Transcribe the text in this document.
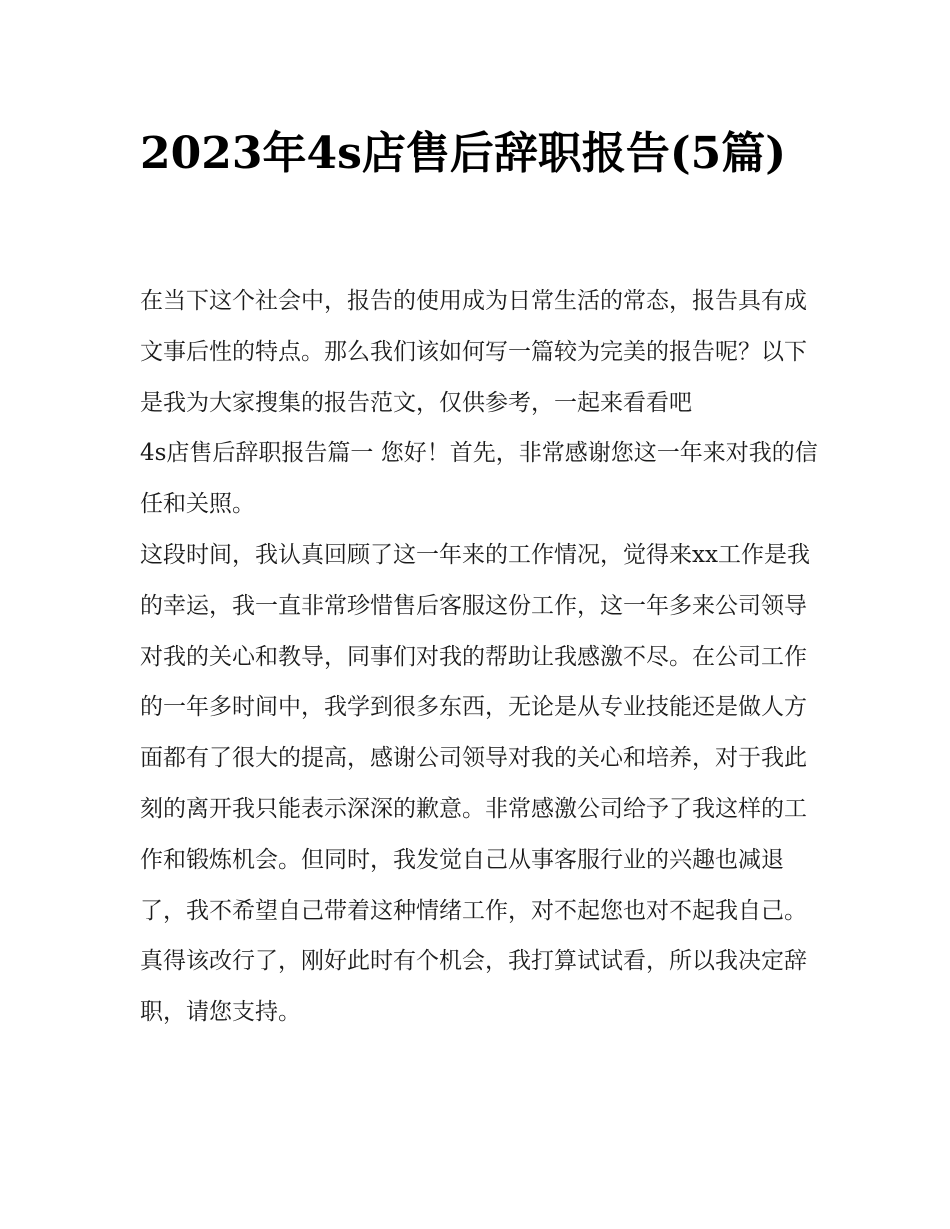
2023年4s店售后辞职报告(5篇)

在当下这个社会中，报告的使用成为日常生活的常态，报告具有成文事后性的特点。那么我们该如何写一篇较为完美的报告呢？以下是我为大家搜集的报告范文，仅供参考，一起来看看吧

4s店售后辞职报告篇一 您好！首先，非常感谢您这一年来对我的信任和关照。

这段时间，我认真回顾了这一年来的工作情况，觉得来xx工作是我的幸运，我一直非常珍惜售后客服这份工作，这一年多来公司领导对我的关心和教导，同事们对我的帮助让我感激不尽。在公司工作的一年多时间中，我学到很多东西，无论是从专业技能还是做人方面都有了很大的提高，感谢公司领导对我的关心和培养，对于我此刻的离开我只能表示深深的歉意。非常感激公司给予了我这样的工作和锻炼机会。但同时，我发觉自己从事客服行业的兴趣也减退了，我不希望自己带着这种情绪工作，对不起您也对不起我自己。真得该改行了，刚好此时有个机会，我打算试试看，所以我决定辞职，请您支持。
